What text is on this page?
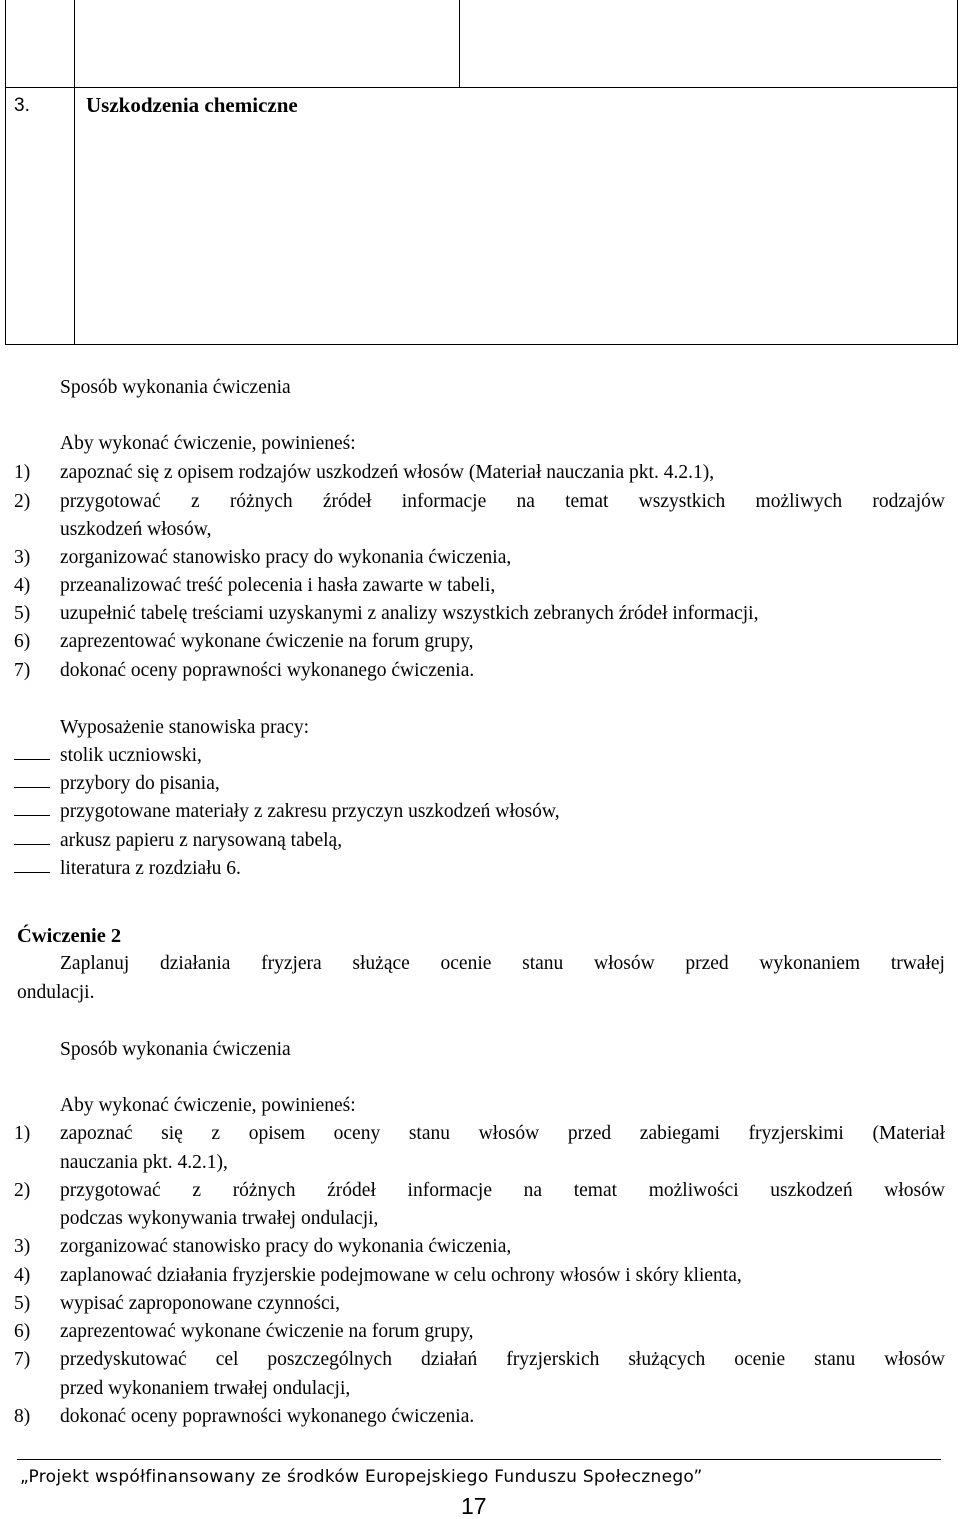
3.	Uszkodzenia chemiczne
Sposób wykonania ćwiczenia
Aby wykonać ćwiczenie, powinieneś:
1) zapoznać się z opisem rodzajów uszkodzeń włosów (Materiał nauczania pkt. 4.2.1),
2) przygotować z różnych źródeł informacje na temat wszystkich możliwych rodzajów
uszkodzeń włosów,
3) zorganizować stanowisko pracy do wykonania ćwiczenia,
4) przeanalizować treść polecenia i hasła zawarte w tabeli,
5) uzupełnić tabelę treściami uzyskanymi z analizy wszystkich zebranych źródeł informacji,
6) zaprezentować wykonane ćwiczenie na forum grupy,
7) dokonać oceny poprawności wykonanego ćwiczenia.
Wyposażenie stanowiska pracy:
stolik uczniowski,
przybory do pisania,
przygotowane materiały z zakresu przyczyn uszkodzeń włosów,
arkusz papieru z narysowaną tabelą,
literatura z rozdziału 6.
Ćwiczenie 2
Zaplanuj działania fryzjera służące ocenie stanu włosów przed wykonaniem trwałej
ondulacji.
Sposób wykonania ćwiczenia
Aby wykonać ćwiczenie, powinieneś:
1) zapoznać się z opisem oceny stanu włosów przed zabiegami fryzjerskimi (Materiał
nauczania pkt. 4.2.1),
2) przygotować z różnych źródeł informacje na temat możliwości uszkodzeń włosów
podczas wykonywania trwałej ondulacji,
3) zorganizować stanowisko pracy do wykonania ćwiczenia,
4) zaplanować działania fryzjerskie podejmowane w celu ochrony włosów i skóry klienta,
5) wypisać zaproponowane czynności,
6) zaprezentować wykonane ćwiczenie na forum grupy,
7) przedyskutować cel poszczególnych działań fryzjerskich służących ocenie stanu włosów
przed wykonaniem trwałej ondulacji,
8) dokonać oceny poprawności wykonanego ćwiczenia.
„Projekt współfinansowany ze środków Europejskiego Funduszu Społecznego”
17
